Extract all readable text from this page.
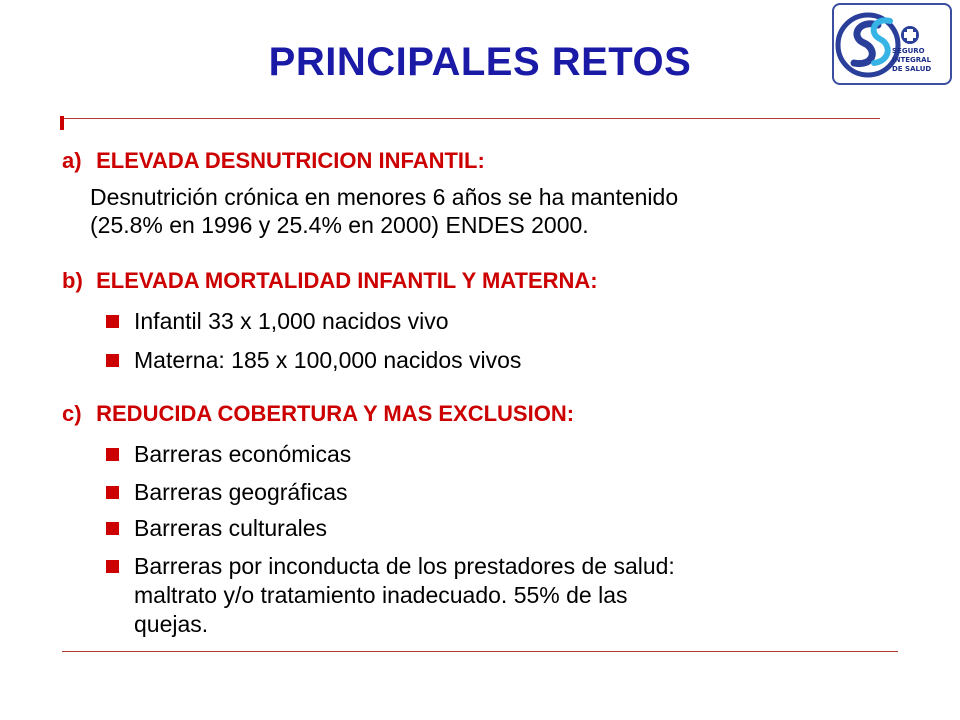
PRINCIPALES RETOS	SEGURO
INTEGRAL
DE SALUD
a) ELEVADA DESNUTRICION INFANTIL:
Desnutrición crónica en menores 6 años se ha mantenido
(25.8% en 1996 y 25.4% en 2000) ENDES 2000.
b) ELEVADA MORTALIDAD INFANTIL Y MATERNA:
Infantil 33 x 1,000 nacidos vivo
Materna: 185 x 100,000 nacidos vivos
c) REDUCIDA COBERTURA Y MAS EXCLUSION:
Barreras económicas
Barreras geográficas
Barreras culturales
Barreras por inconducta de los prestadores de salud:
maltrato y/o tratamiento inadecuado. 55% de las
quejas.
